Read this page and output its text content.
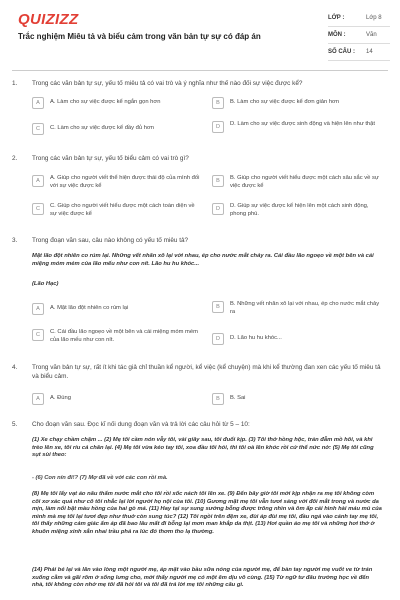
QUIZIZZ
Trắc nghiệm Miêu tả và biểu cảm trong văn bản tự sự có đáp án
LỚP :	Lớp 8
MÔN :	Văn
SỐ CÂU : 14
1. Trong các văn bản tự sự, yếu tố miêu tả có vai trò và ý nghĩa như thế nào đối sự việc được kể?
A	A. Làm cho sự việc được kể ngắn gọn hơn	B	B. Làm cho sự việc được kể đơn giản hơn
C	C. Làm cho sự việc được kể đầy đủ hơn	D	D. Làm cho sự việc được sinh động và hiện lên như thật
2. Trong các văn bản tự sự, yếu tố biểu cảm có vai trò gì?
A	A. Giúp cho người viết thể hiện được thái độ của mình đối với sự việc được kể
B	B. Giúp cho người viết hiểu được một cách sâu sắc về sự việc được kể
C	C. Giúp cho người viết hiểu được một cách toàn diện về sự việc được kể
D	D. Giúp sự việc được kể hiện lên một cách sinh động, phong phú.
3. Trong đoạn văn sau, câu nào không có yếu tố miêu tả?
Mặt lão đột nhiên co rúm lại. Những vết nhăn xô lại với nhau, ép cho nước mắt chảy ra. Cái đầu lão ngoẹo về một bên và cái miệng móm mém của lão mếu như con nít. Lão hu hu khóc...
(Lão Hạc)
A	A. Mặt lão đột nhiên co rúm lại	B	B. Những vết nhăn xô lại với nhau, ép cho nước mắt chảy ra
C	C. Cái đầu lão ngoẹo về một bên và cái miệng móm mém của lão mếu như con nít.	D	D. Lão hu hu khóc...
4. Trong văn bản tự sự, rất ít khi tác giả chỉ thuần kể người, kể việc (kể chuyện) mà khi kể thường đan xen các yếu tố miêu tả và biểu cảm.
A	A. Đúng	B	B. Sai
5. Cho đoạn văn sau. Đọc kĩ nối dung đoạn văn và trả lời các câu hỏi từ 5 – 10:
(1) Xe chạy chầm chậm ... (2) Mẹ tôi cầm nón vẫy tôi, vài giây sau, tôi đuổi kịp. (3) Tôi thở hồng hộc, trán đẫm mồ hôi, và khi trèo lên xe, tôi ríu cả chân lại. (4) Mẹ tôi vừa kéo tay tôi, xoa đầu tôi hỏi, thì tôi oà lên khóc rồi cứ thế nức nở: (5) Mẹ tôi cũng sụt sùi theo:
- (6) Con nín đi!? (7) Mợ đã về với các con rồi mà.
(8) Mẹ tôi lấy vạt áo nâu thấm nước mắt cho tôi rồi xốc nách tôi lên xe. (9) Đến bây giờ tôi mới kịp nhận ra mẹ tôi không còm cõi xơ xác quá như cô tôi nhắc lại lời người họ nội của tôi. (10) Gương mặt mẹ tôi vẫn tươi sáng với đôi mắt trong và nước da mịn, làm nổi bật màu hồng của hai gò má. (11) Hay tại sự sung sướng bỗng được trông nhìn và ôm ấp cái hình hài máu mủ của mình mà mẹ tôi lại tươi đẹp như thuở còn sung túc? (12) Tôi ngồi trên đệm xe, đùi áp đùi mẹ tôi, đầu ngả vào cánh tay mẹ tôi, tôi thấy những cảm giác ấm áp đã bao lâu mất đi bỗng lại mơn man khắp da thịt. (13) Hơi quần áo mẹ tôi và những hơi thở ở khuôn miệng xinh xắn nhai trầu phả ra lúc đó thơm tho lạ thường.
(14) Phải bé lại và lăn vào lòng một người mẹ, áp mặt vào bầu sữa nóng của người mẹ, để bàn tay người mẹ vuốt ve từ trán xuống cằm và gãi rôm ở sống lưng cho, mới thấy người mẹ có một êm dịu vô cùng. (15) Từ ngữ tư đâu trường học về đến nhà, tôi không còn nhớ mẹ tôi đã hỏi tôi và tôi đã trả lời mẹ tôi những câu gì.
